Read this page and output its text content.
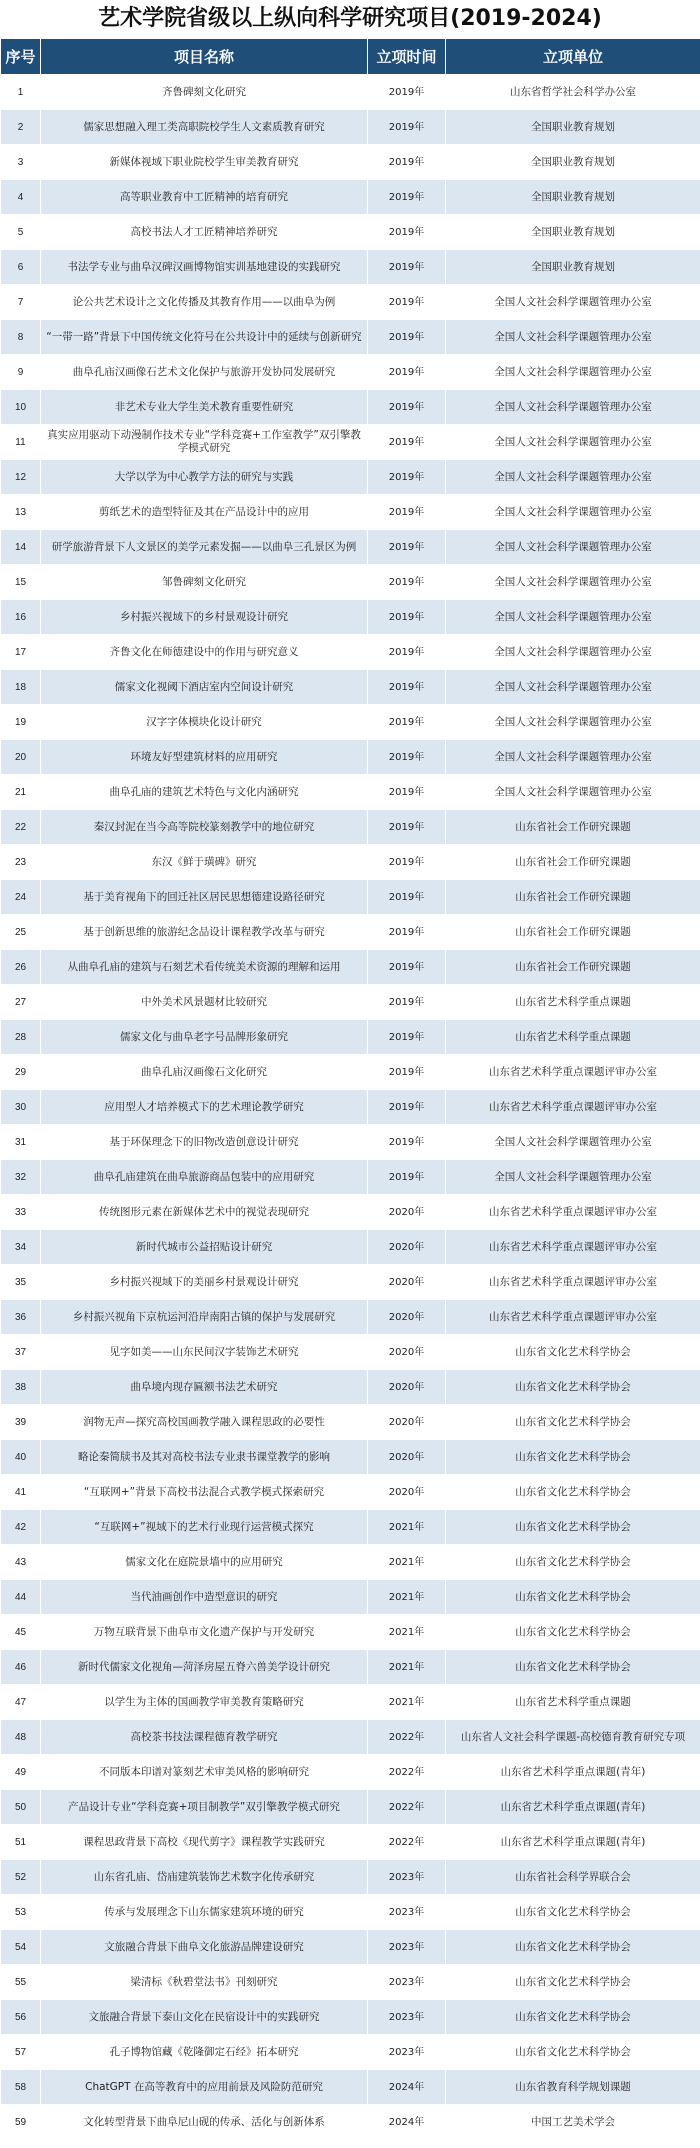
艺术学院省级以上纵向科学研究项目(2019-2024)
序号	项目名称	立项时间	立项单位
1	齐鲁碑刻文化研究	2019年	山东省哲学社会科学办公室
2	儒家思想融入理工类高职院校学生人文素质教育研究	2019年	全国职业教育规划
3	新媒体视域下职业院校学生审美教育研究	2019年	全国职业教育规划
4	高等职业教育中工匠精神的培育研究	2019年	全国职业教育规划
5	高校书法人才工匠精神培养研究	2019年	全国职业教育规划
6	书法学专业与曲阜汉碑汉画博物馆实训基地建设的实践研究	2019年	全国职业教育规划
7	论公共艺术设计之文化传播及其教育作用——以曲阜为例	2019年	全国人文社会科学课题管理办公室
8	“一带一路”背景下中国传统文化符号在公共设计中的延续与创新研究	2019年	全国人文社会科学课题管理办公室
9	曲阜孔庙汉画像石艺术文化保护与旅游开发协同发展研究	2019年	全国人文社会科学课题管理办公室
10	非艺术专业大学生美术教育重要性研究	2019年	全国人文社会科学课题管理办公室
11	真实应用驱动下动漫制作技术专业“学科竞赛+工作室教学”双引擎教学模式研究	2019年	全国人文社会科学课题管理办公室
12	大学以学为中心教学方法的研究与实践	2019年	全国人文社会科学课题管理办公室
13	剪纸艺术的造型特征及其在产品设计中的应用	2019年	全国人文社会科学课题管理办公室
14	研学旅游背景下人文景区的美学元素发掘——以曲阜三孔景区为例	2019年	全国人文社会科学课题管理办公室
15	邹鲁碑刻文化研究	2019年	全国人文社会科学课题管理办公室
16	乡村振兴视域下的乡村景观设计研究	2019年	全国人文社会科学课题管理办公室
17	齐鲁文化在师德建设中的作用与研究意义	2019年	全国人文社会科学课题管理办公室
18	儒家文化视阈下酒店室内空间设计研究	2019年	全国人文社会科学课题管理办公室
19	汉字字体模块化设计研究	2019年	全国人文社会科学课题管理办公室
20	环境友好型建筑材料的应用研究	2019年	全国人文社会科学课题管理办公室
21	曲阜孔庙的建筑艺术特色与文化内涵研究	2019年	全国人文社会科学课题管理办公室
22	秦汉封泥在当今高等院校篆刻教学中的地位研究	2019年	山东省社会工作研究课题
23	东汉《鲜于璜碑》研究	2019年	山东省社会工作研究课题
24	基于美育视角下的回迁社区居民思想德建设路径研究	2019年	山东省社会工作研究课题
25	基于创新思维的旅游纪念品设计课程教学改革与研究	2019年	山东省社会工作研究课题
26	从曲阜孔庙的建筑与石刻艺术看传统美术资源的理解和运用	2019年	山东省社会工作研究课题
27	中外美术风景题材比较研究	2019年	山东省艺术科学重点课题
28	儒家文化与曲阜老字号品牌形象研究	2019年	山东省艺术科学重点课题
29	曲阜孔庙汉画像石文化研究	2019年	山东省艺术科学重点课题评审办公室
30	应用型人才培养模式下的艺术理论教学研究	2019年	山东省艺术科学重点课题评审办公室
31	基于环保理念下的旧物改造创意设计研究	2019年	全国人文社会科学课题管理办公室
32	曲阜孔庙建筑在曲阜旅游商品包装中的应用研究	2019年	全国人文社会科学课题管理办公室
33	传统图形元素在新媒体艺术中的视觉表现研究	2020年	山东省艺术科学重点课题评审办公室
34	新时代城市公益招贴设计研究	2020年	山东省艺术科学重点课题评审办公室
35	乡村振兴视域下的美丽乡村景观设计研究	2020年	山东省艺术科学重点课题评审办公室
36	乡村振兴视角下京杭运河沿岸南阳古镇的保护与发展研究	2020年	山东省艺术科学重点课题评审办公室
37	见字如美——山东民间汉字装饰艺术研究	2020年	山东省文化艺术科学协会
38	曲阜境内现存匾额书法艺术研究	2020年	山东省文化艺术科学协会
39	润物无声—探究高校国画教学融入课程思政的必要性	2020年	山东省文化艺术科学协会
40	略论秦简牍书及其对高校书法专业隶书课堂教学的影响	2020年	山东省文化艺术科学协会
41	“互联网+”背景下高校书法混合式教学模式探索研究	2020年	山东省文化艺术科学协会
42	“互联网+”视域下的艺术行业现行运营模式探究	2021年	山东省文化艺术科学协会
43	儒家文化在庭院景墙中的应用研究	2021年	山东省文化艺术科学协会
44	当代油画创作中造型意识的研究	2021年	山东省文化艺术科学协会
45	万物互联背景下曲阜市文化遗产保护与开发研究	2021年	山东省文化艺术科学协会
46	新时代儒家文化视角—菏泽房屋五脊六兽美学设计研究	2021年	山东省文化艺术科学协会
47	以学生为主体的国画教学审美教育策略研究	2021年	山东省艺术科学重点课题
48	高校茶书技法课程德育教学研究	2022年	山东省人文社会科学课题-高校德育教育研究专项
49	不同版本印谱对篆刻艺术审美风格的影响研究	2022年	山东省艺术科学重点课题(青年)
50	产品设计专业“学科竞赛+项目制教学”双引擎教学模式研究	2022年	山东省艺术科学重点课题(青年)
51	课程思政背景下高校《现代剪字》课程教学实践研究	2022年	山东省艺术科学重点课题(青年)
52	山东省孔庙、岱庙建筑装饰艺术数字化传承研究	2023年	山东省社会科学界联合会
53	传承与发展理念下山东儒家建筑环境的研究	2023年	山东省文化艺术科学协会
54	文旅融合背景下曲阜文化旅游品牌建设研究	2023年	山东省文化艺术科学协会
55	梁清标《秋碧堂法书》刊刻研究	2023年	山东省文化艺术科学协会
56	文旅融合背景下泰山文化在民宿设计中的实践研究	2023年	山东省文化艺术科学协会
57	孔子博物馆藏《乾隆御定石经》拓本研究	2023年	山东省文化艺术科学协会
58	ChatGPT 在高等教育中的应用前景及风险防范研究	2024年	山东省教育科学规划课题
59	文化转型背景下曲阜尼山砚的传承、活化与创新体系	2024年	中国工艺美术学会
